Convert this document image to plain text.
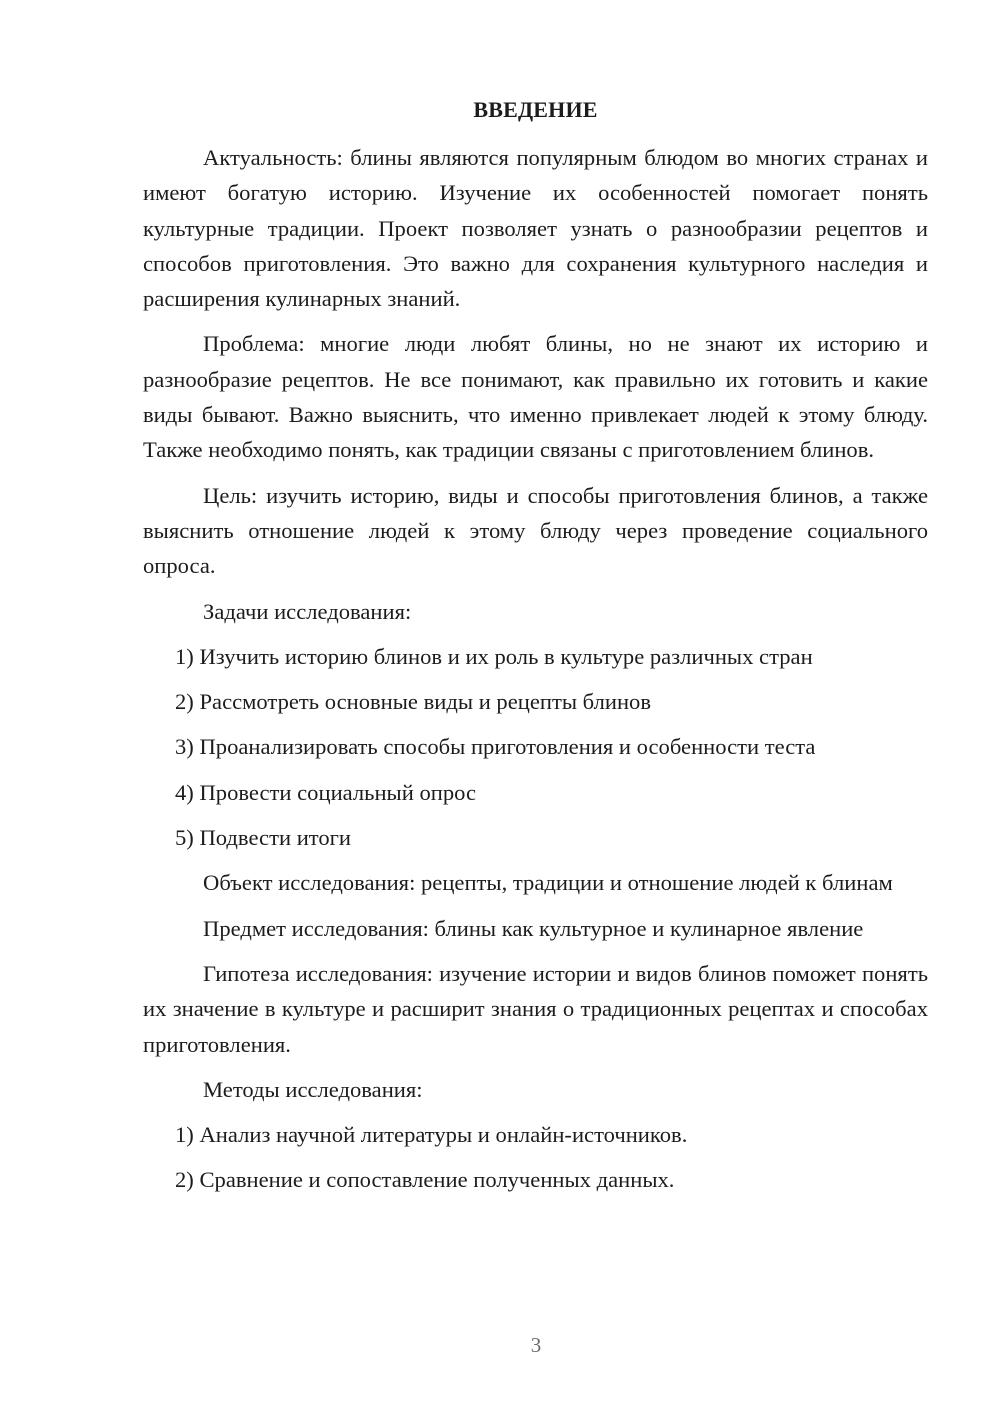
ВВЕДЕНИЕ

Актуальность: блины являются популярным блюдом во многих странах и имеют богатую историю. Изучение их особенностей помогает понять культурные традиции. Проект позволяет узнать о разнообразии рецептов и способов приготовления. Это важно для сохранения культурного наследия и расширения кулинарных знаний.

Проблема: многие люди любят блины, но не знают их историю и разнообразие рецептов. Не все понимают, как правильно их готовить и какие виды бывают. Важно выяснить, что именно привлекает людей к этому блюду. Также необходимо понять, как традиции связаны с приготовлением блинов.

Цель: изучить историю, виды и способы приготовления блинов, а также выяснить отношение людей к этому блюду через проведение социального опроса.

Задачи исследования:

1) Изучить историю блинов и их роль в культуре различных стран
2) Рассмотреть основные виды и рецепты блинов
3) Проанализировать способы приготовления и особенности теста
4) Провести социальный опрос
5) Подвести итоги

Объект исследования: рецепты, традиции и отношение людей к блинам

Предмет исследования: блины как культурное и кулинарное явление

Гипотеза исследования: изучение истории и видов блинов поможет понять их значение в культуре и расширит знания о традиционных рецептах и способах приготовления.

Методы исследования:

1) Анализ научной литературы и онлайн-источников.
2) Сравнение и сопоставление полученных данных.
3
